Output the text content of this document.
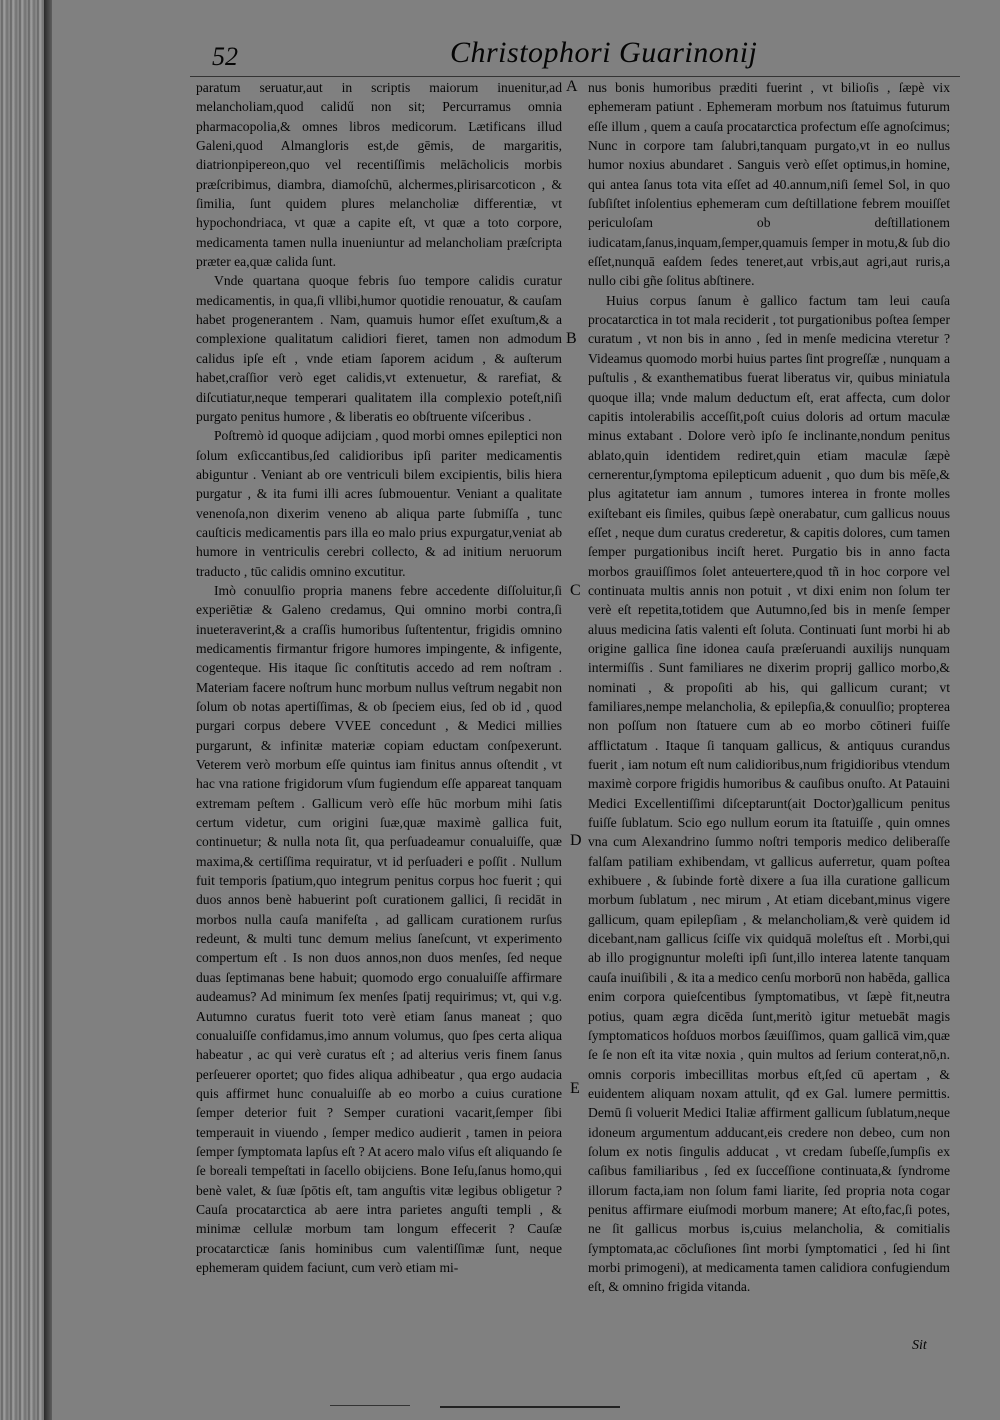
52	Christophori Guarinonij
A
B
C
D
E

paratum seruatur,aut in scriptis maiorum inuenitur,ad melancholiam,quod calidű non sit; Percurramus omnia pharmacopolia,& omnes libros medicorum. Lætificans illud Galeni,quod Almangloris est,de gēmis, de margaritis, diatrionpipereon,quo vel recentiſſimis melācholicis morbis præſcribimus, diambra, diamoſchū, alchermes,plirisarcoticon , & ſimilia, ſunt quidem plures melancholiæ differentiæ, vt hypochondriaca, vt quæ a capite eſt, vt quæ a toto corpore, medicamenta tamen nulla inueniuntur ad melancholiam præſcripta præter ea,quæ calida ſunt.

Vnde quartana quoque febris ſuo tempore calidis curatur medicamentis, in qua,ſi vllibi,humor quotidie renouatur, & cauſam habet progenerantem . Nam, quamuis humor eſſet exuſtum,& a complexione qualitatum calidiori fieret, tamen non admodum calidus ipſe eſt , vnde etiam ſaporem acidum , & auſterum habet,craſſior verò eget calidis,vt extenuetur, & rarefiat, & diſcutiatur,neque temperari qualitatem illa complexio poteſt,niſi purgato penitus humore , & liberatis eo obſtruente viſceribus .

Poſtremò id quoque adijciam , quod morbi omnes epileptici non ſolum exſiccantibus,ſed calidioribus ipſi pariter medicamentis abiguntur . Veniant ab ore ventriculi bilem excipientis, bilis hiera purgatur , & ita fumi illi acres ſubmouentur. Veniant a qualitate venenoſa,non dixerim veneno ab aliqua parte ſubmiſſa , tunc cauſticis medicamentis pars illa eo malo prius expurgatur,veniat ab humore in ventriculis cerebri collecto, & ad initium neruorum traducto , tūc calidis omnino excutitur.

Imò conuulſio propria manens febre accedente diſſoluitur,ſi experiētiæ & Galeno credamus, Qui omnino morbi contra,ſi inueteraverint,& a craſſis humoribus ſuſtententur, frigidis omnino medicamentis firmantur frigore humores impingente, & infigente, cogenteque. His itaque ſic conſtitutis accedo ad rem noſtram . Materiam facere noſtrum hunc morbum nullus veſtrum negabit non ſolum ob notas apertiſſimas, & ob ſpeciem eius, ſed ob id , quod purgari corpus debere VVEE concedunt , & Medici millies purgarunt, & infinitæ materiæ copiam eductam conſpexerunt. Veterem verò morbum eſſe quintus iam finitus annus oſtendit , vt hac vna ratione frigidorum vſum fugiendum eſſe appareat tanquam extremam peſtem . Gallicum verò eſſe hūc morbum mihi ſatis certum videtur, cum origini ſuæ,quæ maximè gallica fuit, continuetur; & nulla nota ſit, qua perſuadeamur conualuiſſe, quæ maxima,& certiſſima requiratur, vt id perſuaderi e poſſit . Nullum fuit temporis ſpatium,quo integrum penitus corpus hoc fuerit ; qui duos annos benè habuerint poſt curationem gallici, ſi recidāt in morbos nulla cauſa manifeſta , ad gallicam curationem rurſus redeunt, & multi tunc demum melius ſaneſcunt, vt experimento compertum eſt . Is non duos annos,non duos menſes, ſed neque duas ſeptimanas bene habuit; quomodo ergo conualuiſſe affirmare audeamus? Ad minimum ſex menſes ſpatij requirimus; vt, qui v.g. Autumno curatus fuerit toto verè etiam ſanus maneat ; quo conualuiſſe confidamus,imo annum volumus, quo ſpes certa aliqua habeatur , ac qui verè curatus eſt ; ad alterius veris finem ſanus perſeuerer oportet; quo fides aliqua adhibeatur , qua ergo audacia quis affirmet hunc conualuiſſe ab eo morbo a cuius curatione ſemper deterior fuit ? Semper curationi vacarit,ſemper ſibi temperauit in viuendo , ſemper medico audierit , tamen in peiora ſemper ſymptomata lapſus eſt ? At acero malo viſus eſt aliquando ſe ſe boreali tempeſtati in ſacello obijciens. Bone Ieſu,ſanus homo,qui benè valet, & ſuæ ſpōtis eſt, tam anguſtis vitæ legibus obligetur ? Cauſa procatarctica ab aere intra parietes anguſti templi , & minimæ cellulæ morbum tam longum effecerit ? Cauſæ procatarcticæ ſanis hominibus cum valentiſſimæ ſunt, neque ephemeram quidem faciunt, cum verò etiam mi-

nus bonis humoribus præditi fuerint , vt bilioſis , ſæpè vix ephemeram patiunt . Ephemeram morbum nos ſtatuimus futurum eſſe illum , quem a cauſa procatarctica profectum eſſe agnoſcimus; Nunc in corpore tam ſalubri,tanquam purgato,vt in eo nullus humor noxius abundaret . Sanguis verò eſſet optimus,in homine, qui antea ſanus tota vita eſſet ad 40.annum,niſi ſemel Sol, in quo ſubſiſtet inſolentius ephemeram cum deſtillatione febrem mouiſſet periculoſam ob deſtillationem iudicatam,ſanus,inquam,ſemper,quamuis ſemper in motu,& ſub dio eſſet,nunquā eaſdem ſedes teneret,aut vrbis,aut agri,aut ruris,a nullo cibi gñe ſolitus abſtinere.

Huius corpus ſanum è gallico factum tam leui cauſa procatarctica in tot mala reciderit , tot purgationibus poſtea ſemper curatum , vt non bis in anno , ſed in menſe medicina vteretur ? Videamus quomodo morbi huius partes ſint progreſſæ , nunquam a puſtulis , & exanthematibus fuerat liberatus vir, quibus miniatula quoque illa; vnde malum deductum eſt, erat affecta, cum dolor capitis intolerabilis acceſſit,poſt cuius doloris ad ortum maculæ minus extabant . Dolore verò ipſo ſe inclinante,nondum penitus ablato,quin identidem rediret,quin etiam maculæ ſæpè cernerentur,ſymptoma epilepticum aduenit , quo dum bis mēſe,& plus agitatetur iam annum , tumores interea in fronte molles exiſtebant eis ſimiles, quibus ſæpè onerabatur, cum gallicus nouus eſſet , neque dum curatus crederetur, & capitis dolores, cum tamen ſemper purgationibus inciſt heret. Purgatio bis in anno facta morbos grauiſſimos ſolet anteuertere,quod tñ in hoc corpore vel continuata multis annis non potuit , vt dixi enim non ſolum ter verè eſt repetita,totidem que Autumno,ſed bis in menſe ſemper aluus medicina ſatis valenti eſt ſoluta. Continuati ſunt morbi hi ab origine gallica ſine idonea cauſa præſeruandi auxilijs nunquam intermiſſis . Sunt familiares ne dixerim proprij gallico morbo,& nominati , & propoſiti ab his, qui gallicum curant; vt familiares,nempe melancholia, & epilepſia,& conuulſio; propterea non poſſum non ſtatuere cum ab eo morbo cōtineri fuiſſe afflictatum . Itaque ſi tanquam gallicus, & antiquus curandus fuerit , iam notum eſt num calidioribus,num frigidioribus vtendum maximè corpore frigidis humoribus & cauſibus onuſto. At Patauini Medici Excellentiſſimi diſceptarunt(ait Doctor)gallicum penitus fuiſſe ſublatum. Scio ego nullum eorum ita ſtatuiſſe , quin omnes vna cum Alexandrino ſummo noſtri temporis medico deliberaſſe falſam patiliam exhibendam, vt gallicus auferretur, quam poſtea exhibuere , & ſubinde fortè dixere a ſua illa curatione gallicum morbum ſublatum , nec mirum , At etiam dicebant,minus vigere gallicum, quam epilepſiam , & melancholiam,& verè quidem id dicebant,nam gallicus ſciſſe vix quidquā moleſtus eſt . Morbi,qui ab illo progignuntur moleſti ipſi ſunt,illo interea latente tanquam cauſa inuiſibili , & ita a medico cenſu morborū non habēda, gallica enim corpora quieſcentibus ſymptomatibus, vt ſæpè fit,neutra potius, quam ægra dicēda ſunt,meritò igitur metuebāt magis ſymptomaticos hoſduos morbos ſæuiſſimos, quam gallicā vim,quæ ſe ſe non eſt ita vitæ noxia , quin multos ad ſerium conterat,nō,n. omnis corporis imbecillitas morbus eſt,ſed cū apertam , & euidentem aliquam noxam attulit, qđ ex Gal. lumere permittis. Demū ſi voluerit Medici Italiæ affirment gallicum ſublatum,neque idoneum argumentum adducant,eis credere non debeo, cum non ſolum ex notis ſingulis adducat , vt credam ſubeſſe,ſumpſis ex caſibus familiaribus , ſed ex ſucceſſione continuata,& ſyndrome illorum facta,iam non ſolum fami liarite, ſed propria nota cogar penitus affirmare eiuſmodi morbum manere; At eſto,fac,ſi potes, ne ſit gallicus morbus is,cuius melancholia, & comitialis ſymptomata,ac cōcluſiones ſint morbi ſymptomatici , ſed hi ſint morbi primogeni), at medicamenta tamen calidiora confugiendum eſt, & omnino frigida vitanda.

Sit
